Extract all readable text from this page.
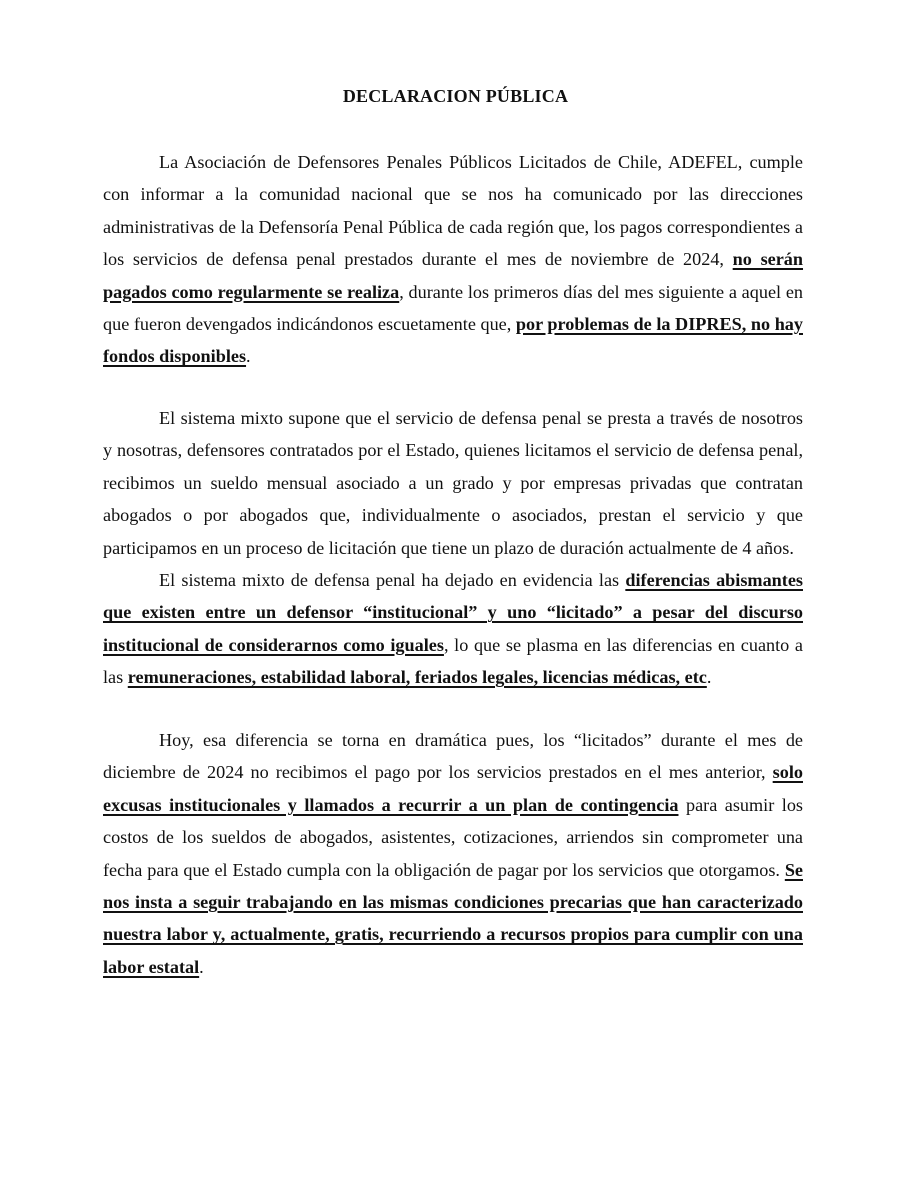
DECLARACION PÚBLICA

La Asociación de Defensores Penales Públicos Licitados de Chile, ADEFEL, cumple con informar a la comunidad nacional que se nos ha comunicado por las direcciones administrativas de la Defensoría Penal Pública de cada región que, los pagos correspondientes a los servicios de defensa penal prestados durante el mes de noviembre de 2024, no serán pagados como regularmente se realiza, durante los primeros días del mes siguiente a aquel en que fueron devengados indicándonos escuetamente que, por problemas de la DIPRES, no hay fondos disponibles.

El sistema mixto supone que el servicio de defensa penal se presta a través de nosotros y nosotras, defensores contratados por el Estado, quienes licitamos el servicio de defensa penal, recibimos un sueldo mensual asociado a un grado y por empresas privadas que contratan abogados o por abogados que, individualmente o asociados, prestan el servicio y que participamos en un proceso de licitación que tiene un plazo de duración actualmente de 4 años.

El sistema mixto de defensa penal ha dejado en evidencia las diferencias abismantes que existen entre un defensor “institucional” y uno “licitado” a pesar del discurso institucional de considerarnos como iguales, lo que se plasma en las diferencias en cuanto a las remuneraciones, estabilidad laboral, feriados legales, licencias médicas, etc.

Hoy, esa diferencia se torna en dramática pues, los “licitados” durante el mes de diciembre de 2024 no recibimos el pago por los servicios prestados en el mes anterior, solo excusas institucionales y llamados a recurrir a un plan de contingencia para asumir los costos de los sueldos de abogados, asistentes, cotizaciones, arriendos sin comprometer una fecha para que el Estado cumpla con la obligación de pagar por los servicios que otorgamos. Se nos insta a seguir trabajando en las mismas condiciones precarias que han caracterizado nuestra labor y, actualmente, gratis, recurriendo a recursos propios para cumplir con una labor estatal.
